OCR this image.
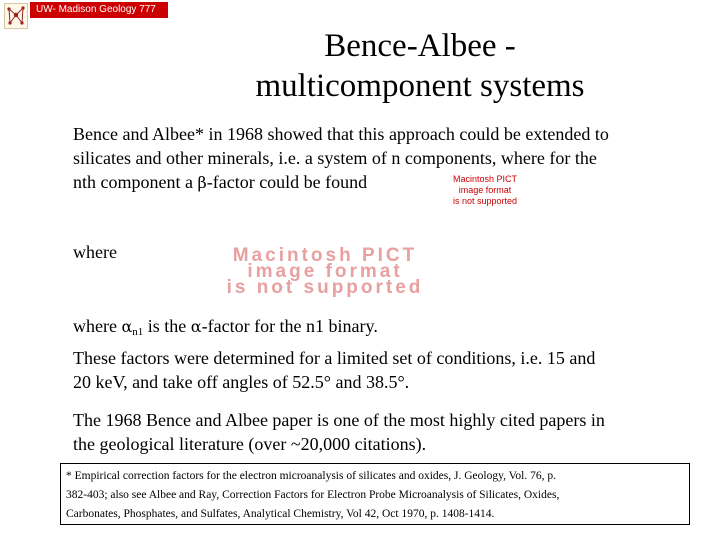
UW- Madison Geology 777
Bence-Albee -
multicomponent systems
Bence and Albee* in 1968 showed that this approach could be extended to
silicates and other minerals, i.e. a system of n components, where for the
nth component a β-factor could be found	Macintosh PICT
image format
is not supported
where	Macintosh PICT
image format
is not supported
where $\alpha_{n1}$ is the α-factor for the n1 binary.
These factors were determined for a limited set of conditions, i.e. 15 and
20 keV, and take off angles of 52.5° and 38.5°.
The 1968 Bence and Albee paper is one of the most highly cited papers in
the geological literature (over ~20,000 citations).
* Empirical correction factors for the electron microanalysis of silicates and oxides, J. Geology, Vol. 76, p.
382-403; also see Albee and Ray, Correction Factors for Electron Probe Microanalysis of Silicates, Oxides,
Carbonates, Phosphates, and Sulfates, Analytical Chemistry, Vol 42, Oct 1970, p. 1408-1414.
